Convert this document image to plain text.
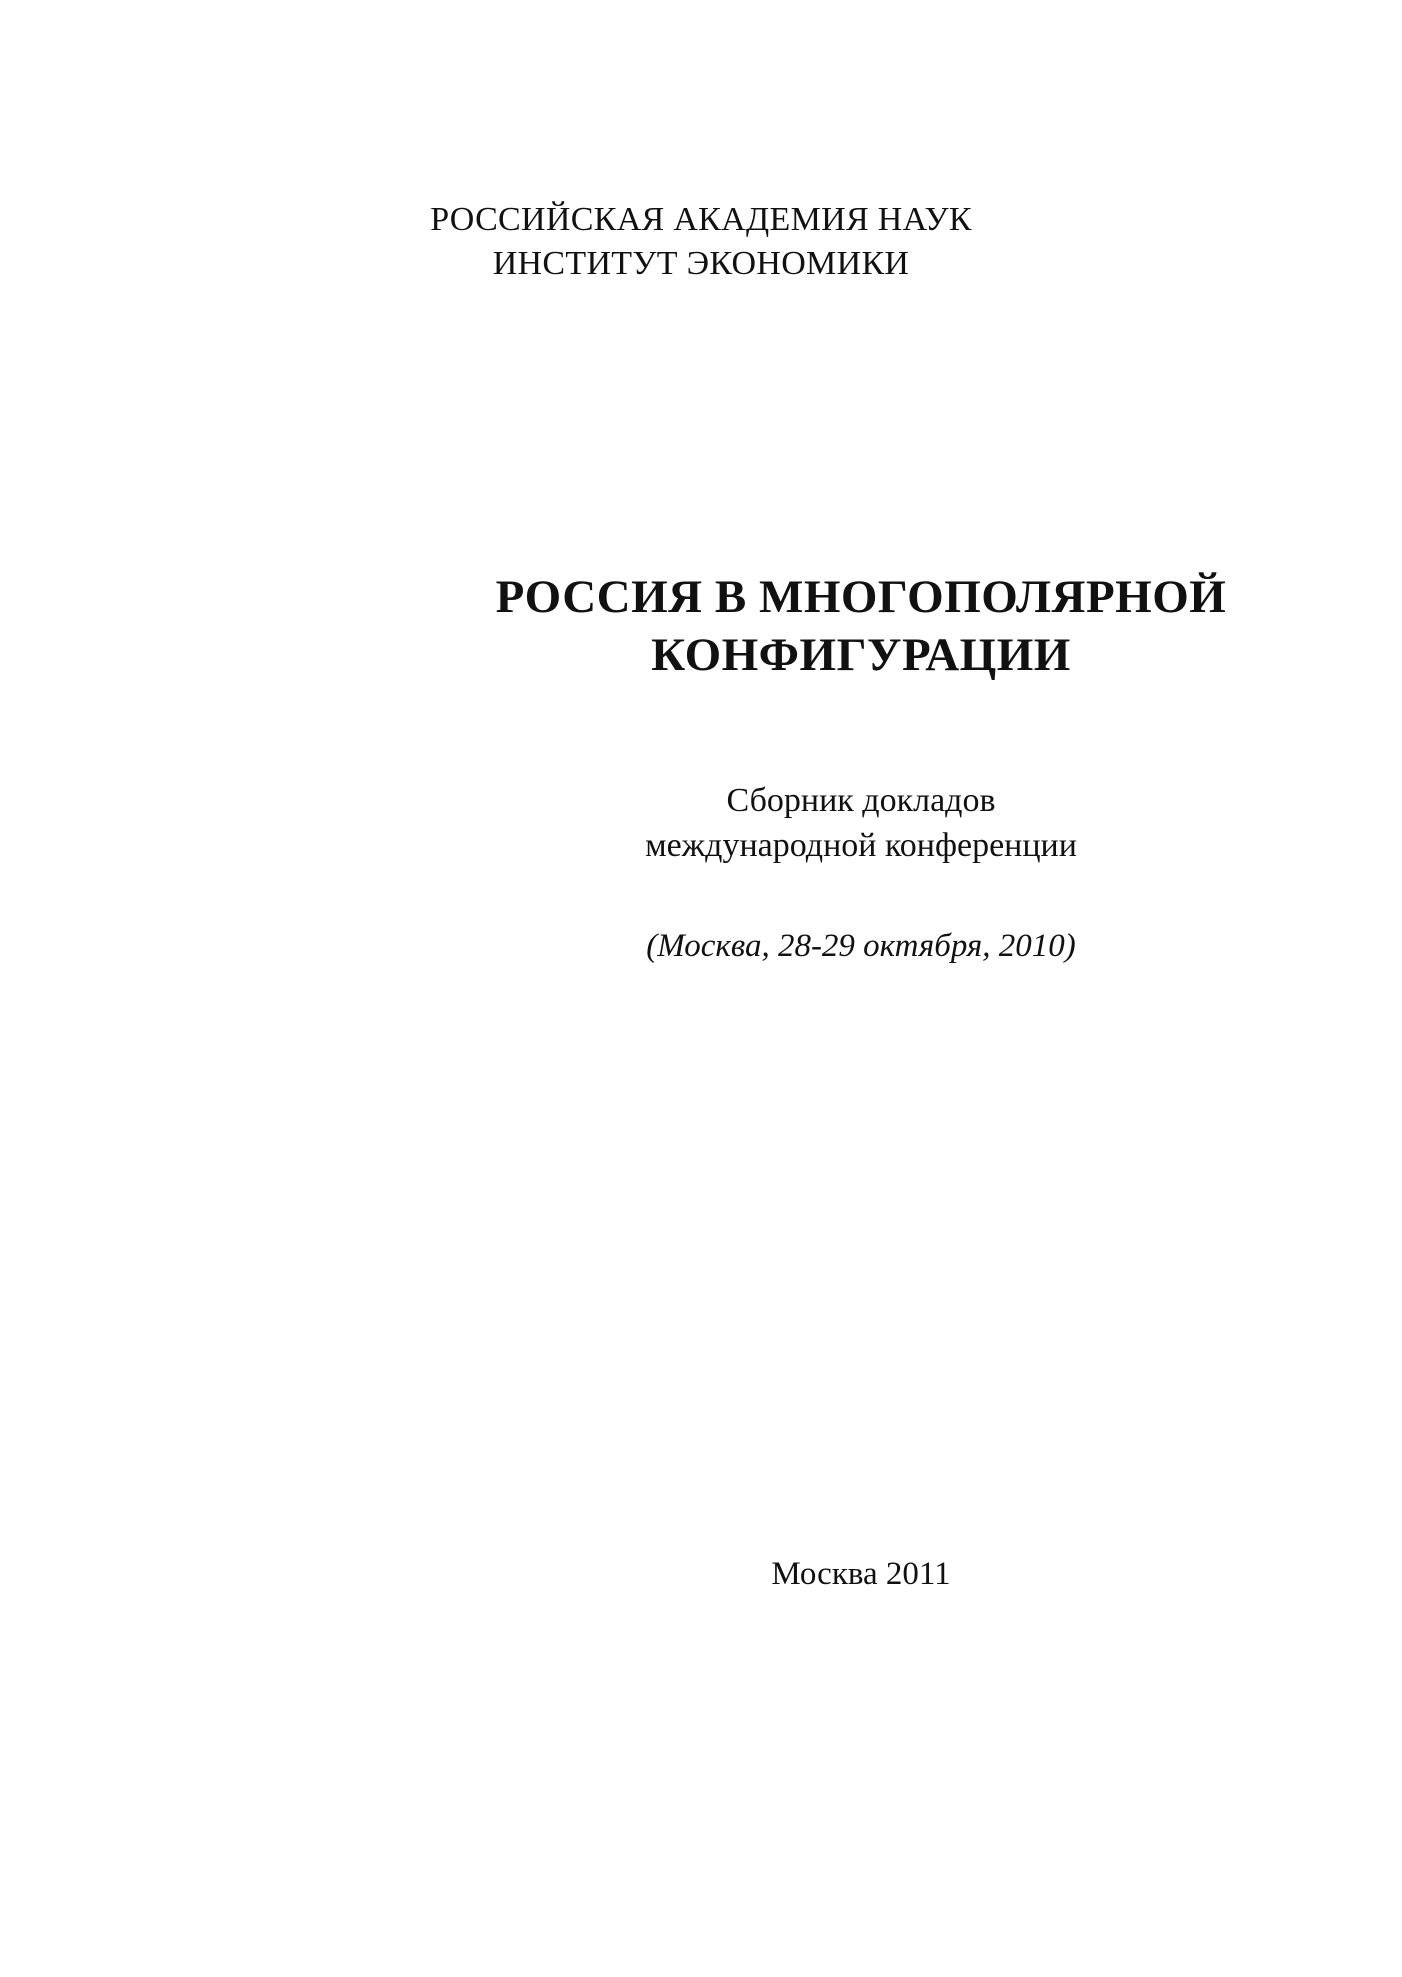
РОССИЙСКАЯ АКАДЕМИЯ НАУК
ИНСТИТУТ ЭКОНОМИКИ
РОССИЯ В МНОГОПОЛЯРНОЙ
КОНФИГУРАЦИИ
Сборник докладов
международной конференции
(Москва, 28-29 октября, 2010)
Москва 2011
